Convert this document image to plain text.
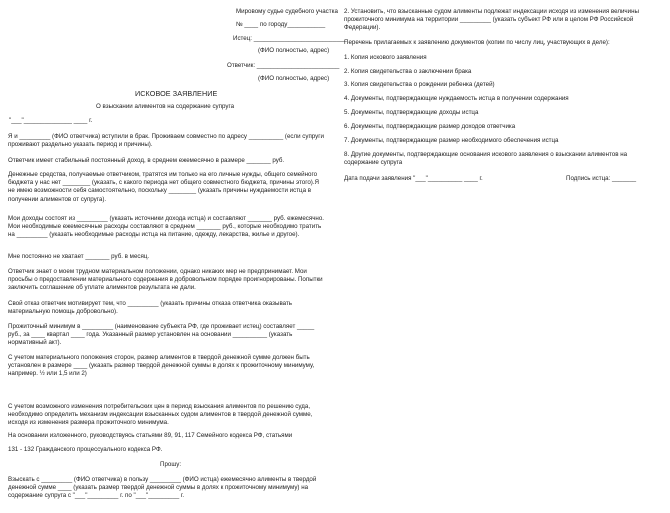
Мировому судье судебного участка
№ ____ по городу___________
Истец: ___________________________
(ФИО полностью, адрес)
Ответчик: ________________________
(ФИО полностью, адрес)
ИСКОВОЕ ЗАЯВЛЕНИЕ
О взыскании алиментов на содержание супруга
"___"______________ ____ г.
Я и _________ (ФИО ответчика) вступили в брак. Проживаем совместно по адресу __________ (если супруги проживают раздельно указать период и причины).
Ответчик имеет стабильный постоянный доход, в среднем ежемесячно в размере _______ руб.
Денежные средства, получаемые ответчиком, тратятся им только на его личные нужды, общего семейного бюджета у нас нет ________ (указать, с какого периода нет общего совместного бюджета, причины этого).Я не имею возможности себя самостоятельно, поскольку ________ (указать причины нуждаемости истца в получении алиментов от супруга).
Мои доходы состоят из _________ (указать источники дохода истца) и составляют _______ руб. ежемесячно. Мои необходимые ежемесячные расходы составляют в среднем _______ руб., которые необходимо тратить на _________ (указать необходимые расходы истца на питание, одежду, лекарства, жилье и другое).
Мне постоянно не хватает _______ руб. в месяц.
Ответчик знает о моем трудном материальном положении, однако никаких мер не предпринимает. Мои просьбы о предоставлении материального содержания в добровольном порядке проигнорированы. Попытки заключить соглашение об уплате алиментов результата не дали.
Свой отказ ответчик мотивирует тем, что _________ (указать причины отказа ответчика оказывать материальную помощь добровольно).
Прожиточный минимум в _________ (наименование субъекта РФ, где проживает истец) составляет _____ руб., за ____ квартал ____ года. Указанный размер установлен на основании __________ (указать нормативный акт).
С учетом материального положения сторон, размер алиментов в твердой денежной сумме должен быть установлен в размере ____ (указать размер твердой денежной суммы в долях к прожиточному минимуму, например. ½ или 1,5 или 2)
С учетом возможного изменения потребительских цен в период взыскания алиментов по решению суда, необходимо определить механизм индексации взысканных судом алиментов в твердой денежной сумме, исходя из изменения размера прожиточного минимума.
На основании изложенного, руководствуясь статьями 89, 91, 117 Семейного кодекса РФ, статьями
131 - 132 Гражданского процессуального кодекса РФ.
Прошу:
Взыскать с _________ (ФИО ответчика) в пользу _________ (ФИО истца) ежемесячно алименты в твердой денежной сумме ____ (указать размер твердой денежной суммы в долях к прожиточному минимуму) на содержание супруга с "___"_________ г. по "___"_________ г.
2. Установить, что взысканные судом алименты подлежат индексации исходя из изменения величины прожиточного минимума на территории _________ (указать субъект РФ или в целом РФ Российской Федерации).
Перечень прилагаемых к заявлению документов (копии по числу лиц, участвующих в деле):
1. Копия искового заявления
2. Копия свидетельства о заключении брака
3. Копия свидетельства о рождении ребенка (детей)
4. Документы, подтверждающие нуждаемость истца в получении содержания
5. Документы, подтверждающие доходы истца
6. Документы, подтверждающие размер доходов ответчика
7. Документы, подтверждающие размер необходимого обеспечения истца
8. Другие документы, подтверждающие основания искового заявления о взыскании алиментов на содержание супруга
Дата подачи заявления "___"__________ ____ г.	Подпись истца: _______
